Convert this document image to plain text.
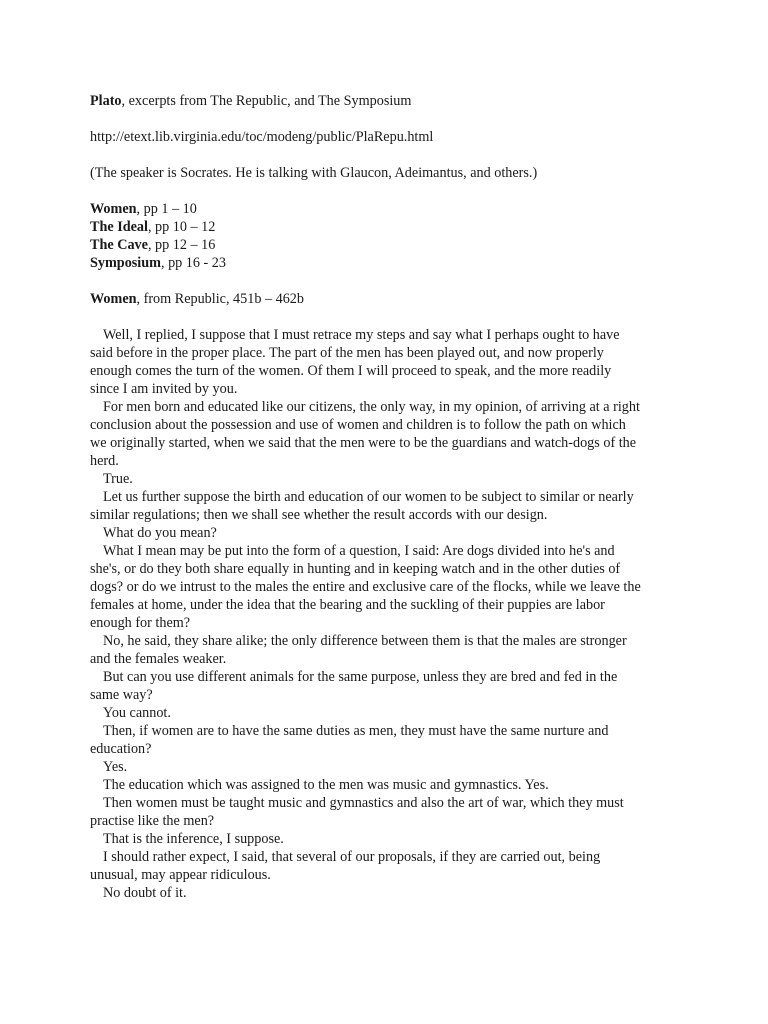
Plato, excerpts from The Republic, and The Symposium

http://etext.lib.virginia.edu/toc/modeng/public/PlaRepu.html

(The speaker is Socrates. He is talking with Glaucon, Adeimantus, and others.)

Women, pp 1 – 10

The Ideal, pp 10 – 12

The Cave, pp 12 – 16

Symposium, pp 16 - 23

Women, from Republic, 451b – 462b

Well, I replied, I suppose that I must retrace my steps and say what I perhaps ought to have
said before in the proper place. The part of the men has been played out, and now properly
enough comes the turn of the women. Of them I will proceed to speak, and the more readily
since I am invited by you.
For men born and educated like our citizens, the only way, in my opinion, of arriving at a right
conclusion about the possession and use of women and children is to follow the path on which
we originally started, when we said that the men were to be the guardians and watch-dogs of the
herd.
True.
Let us further suppose the birth and education of our women to be subject to similar or nearly
similar regulations; then we shall see whether the result accords with our design.
What do you mean?
What I mean may be put into the form of a question, I said: Are dogs divided into he's and
she's, or do they both share equally in hunting and in keeping watch and in the other duties of
dogs? or do we intrust to the males the entire and exclusive care of the flocks, while we leave the
females at home, under the idea that the bearing and the suckling of their puppies are labor
enough for them?
No, he said, they share alike; the only difference between them is that the males are stronger
and the females weaker.
But can you use different animals for the same purpose, unless they are bred and fed in the
same way?
You cannot.
Then, if women are to have the same duties as men, they must have the same nurture and
education?
Yes.
The education which was assigned to the men was music and gymnastics. Yes.
Then women must be taught music and gymnastics and also the art of war, which they must
practise like the men?
That is the inference, I suppose.
I should rather expect, I said, that several of our proposals, if they are carried out, being
unusual, may appear ridiculous.
No doubt of it.
